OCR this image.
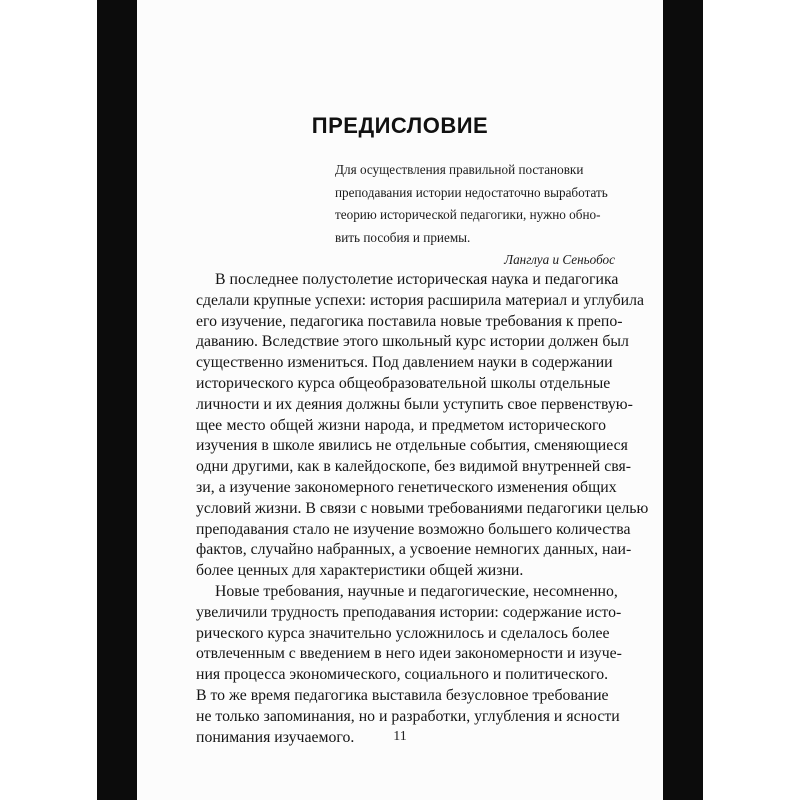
ПРЕДИСЛОВИЕ
Для осуществления правильной постановки
преподавания истории недостаточно выработать
теорию исторической педагогики, нужно обно-
вить пособия и приемы.
Ланглуа и Сеньобос
В последнее полустолетие историческая наука и педагогика
сделали крупные успехи: история расширила материал и углубила
его изучение, педагогика поставила новые требования к препо-
даванию. Вследствие этого школьный курс истории должен был
существенно измениться. Под давлением науки в содержании
исторического курса общеобразовательной школы отдельные
личности и их деяния должны были уступить свое первенствую-
щее место общей жизни народа, и предметом исторического
изучения в школе явились не отдельные события, сменяющиеся
одни другими, как в калейдоскопе, без видимой внутренней свя-
зи, а изучение закономерного генетического изменения общих
условий жизни. В связи с новыми требованиями педагогики целью
преподавания стало не изучение возможно большего количества
фактов, случайно набранных, а усвоение немногих данных, наи-
более ценных для характеристики общей жизни.
Новые требования, научные и педагогические, несомненно,
увеличили трудность преподавания истории: содержание исто-
рического курса значительно усложнилось и сделалось более
отвлеченным с введением в него идеи закономерности и изуче-
ния процесса экономического, социального и политического.
В то же время педагогика выставила безусловное требование
не только запоминания, но и разработки, углубления и ясности
понимания изучаемого.	11
